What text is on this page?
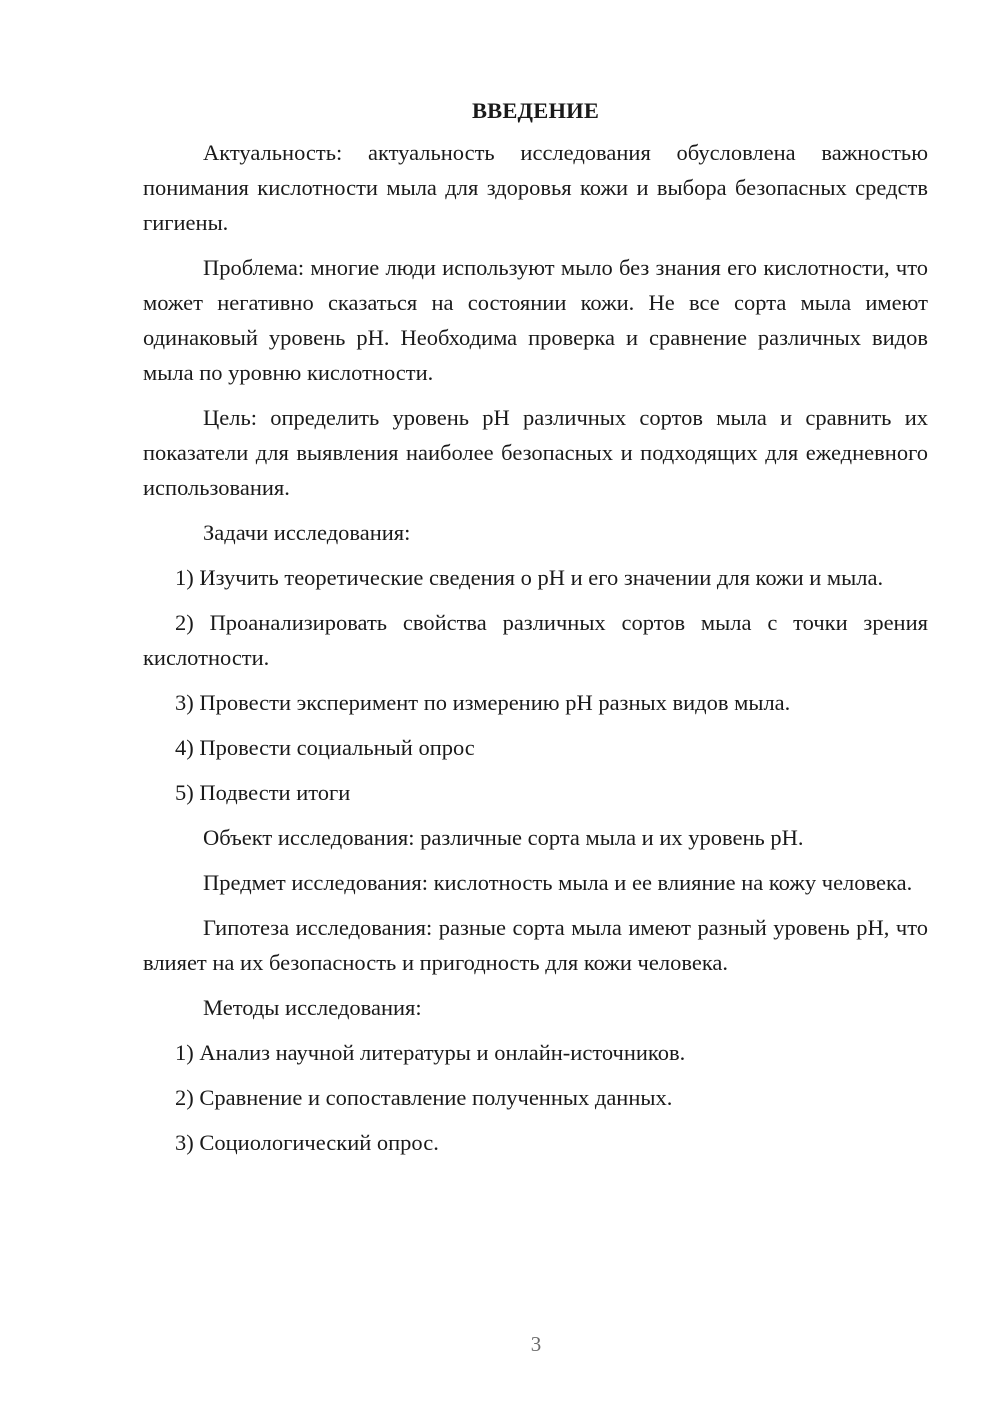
ВВЕДЕНИЕ
Актуальность: актуальность исследования обусловлена важностью понимания кислотности мыла для здоровья кожи и выбора безопасных средств гигиены.
Проблема: многие люди используют мыло без знания его кислотности, что может негативно сказаться на состоянии кожи. Не все сорта мыла имеют одинаковый уровень pH. Необходима проверка и сравнение различных видов мыла по уровню кислотности.
Цель: определить уровень pH различных сортов мыла и сравнить их показатели для выявления наиболее безопасных и подходящих для ежедневного использования.
Задачи исследования:
1) Изучить теоретические сведения о pH и его значении для кожи и мыла.
2) Проанализировать свойства различных сортов мыла с точки зрения кислотности.
3) Провести эксперимент по измерению pH разных видов мыла.
4) Провести социальный опрос
5) Подвести итоги
Объект исследования: различные сорта мыла и их уровень pH.
Предмет исследования: кислотность мыла и ее влияние на кожу человека.
Гипотеза исследования: разные сорта мыла имеют разный уровень pH, что влияет на их безопасность и пригодность для кожи человека.
Методы исследования:
1) Анализ научной литературы и онлайн-источников.
2) Сравнение и сопоставление полученных данных.
3) Социологический опрос.
3
